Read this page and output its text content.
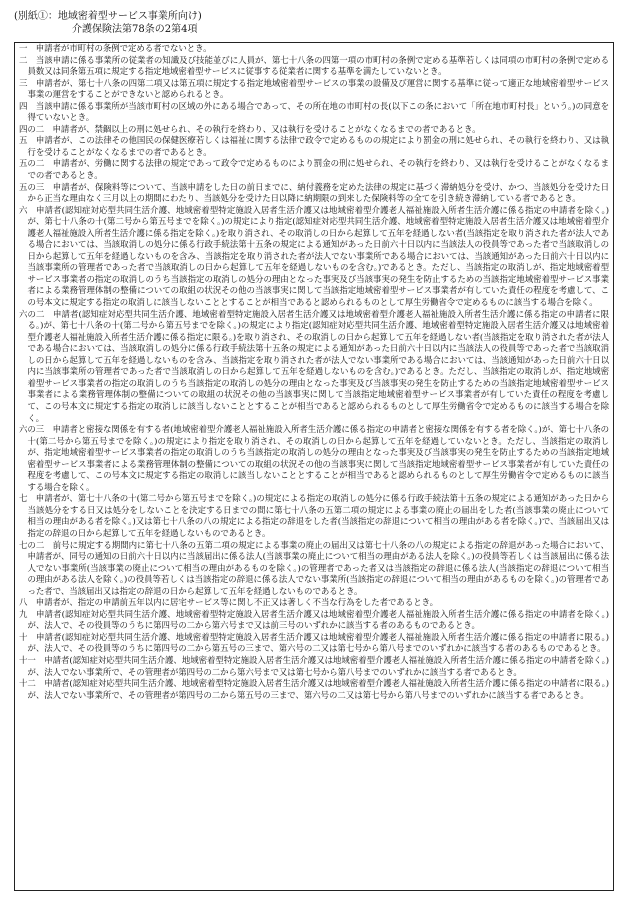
(別紙①：地域密着型サービス事業所向け)
介護保険法第78条の2第4項

一　申請者が市町村の条例で定める者でないとき。

二　当該申請に係る事業所の従業者の知識及び技能並びに人員が、第七十八条の四第一項の市町村の条例で定める基準若しくは同項の市町村の条例で定める員数又は同条第五項に規定する指定地域密着型サービスに従事する従業者に関する基準を満たしていないとき。

三　申請者が、第七十八条の四第二項又は第五項に規定する指定地域密着型サービスの事業の設備及び運営に関する基準に従って適正な地域密着型サービス事業の運営をすることができないと認められるとき。

四　当該申請に係る事業所が当該市町村の区域の外にある場合であって、その所在地の市町村の長(以下この条において「所在地市町村長」という。)の同意を得ていないとき。

四の二　申請者が、禁錮以上の刑に処せられ、その執行を終わり、又は執行を受けることがなくなるまでの者であるとき。

五　申請者が、この法律その他国民の保健医療若しくは福祉に関する法律で政令で定めるものの規定により罰金の刑に処せられ、その執行を終わり、又は執行を受けることがなくなるまでの者であるとき。

五の二　申請者が、労働に関する法律の規定であって政令で定めるものにより罰金の刑に処せられ、その執行を終わり、又は執行を受けることがなくなるまでの者であるとき。

五の三　申請者が、保険料等について、当該申請をした日の前日までに、納付義務を定めた法律の規定に基づく滞納処分を受け、かつ、当該処分を受けた日から正当な理由なく三月以上の期間にわたり、当該処分を受けた日以降に納期限の到来した保険料等の全てを引き続き滞納している者であるとき。

六　申請者(認知症対応型共同生活介護、地域密着型特定施設入居者生活介護又は地域密着型介護老人福祉施設入所者生活介護に係る指定の申請者を除く。)が、第七十八条の十(第二号から第五号までを除く。)の規定により指定(認知症対応型共同生活介護、地域密着型特定施設入居者生活介護又は地域密着型介護老人福祉施設入所者生活介護に係る指定を除く。)を取り消され、その取消しの日から起算して五年を経過しない者(当該指定を取り消された者が法人である場合においては、当該取消しの処分に係る行政手続法第十五条の規定による通知があった日前六十日以内に当該法人の役員等であった者で当該取消しの日から起算して五年を経過しないものを含み、当該指定を取り消された者が法人でない事業所である場合においては、当該通知があった日前六十日以内に当該事業所の管理者であった者で当該取消しの日から起算して五年を経過しないものを含む。)であるとき。ただし、当該指定の取消しが、指定地域密着型サービス事業者の指定の取消しのうち当該指定の取消しの処分の理由となった事実及び当該事実の発生を防止するための当該指定地域密着型サービス事業者による業務管理体制の整備についての取組の状況その他の当該事実に関して当該指定地域密着型サービス事業者が有していた責任の程度を考慮して、この号本文に規定する指定の取消しに該当しないこととすることが相当であると認められるものとして厚生労働省令で定めるものに該当する場合を除く。

六の二　申請者(認知症対応型共同生活介護、地域密着型特定施設入居者生活介護又は地域密着型介護老人福祉施設入所者生活介護に係る指定の申請者に限る。)が、第七十八条の十(第二号から第五号までを除く。)の規定により指定(認知症対応型共同生活介護、地域密着型特定施設入居者生活介護又は地域密着型介護老人福祉施設入所者生活介護に係る指定に限る。)を取り消され、その取消しの日から起算して五年を経過しない者(当該指定を取り消された者が法人である場合においては、当該取消しの処分に係る行政手続法第十五条の規定による通知があった日前六十日以内に当該法人の役員等であった者で当該取消しの日から起算して五年を経過しないものを含み、当該指定を取り消された者が法人でない事業所である場合においては、当該通知があった日前六十日以内に当該事業所の管理者であった者で当該取消しの日から起算して五年を経過しないものを含む。)であるとき。ただし、当該指定の取消しが、指定地域密着型サービス事業者の指定の取消しのうち当該指定の取消しの処分の理由となった事実及び当該事実の発生を防止するための当該指定地域密着型サービス事業者による業務管理体制の整備についての取組の状況その他の当該事実に関して当該指定地域密着型サービス事業者が有していた責任の程度を考慮して、この号本文に規定する指定の取消しに該当しないこととすることが相当であると認められるものとして厚生労働省令で定めるものに該当する場合を除く。

六の三　申請者と密接な関係を有する者(地域密着型介護老人福祉施設入所者生活介護に係る指定の申請者と密接な関係を有する者を除く。)が、第七十八条の十(第二号から第五号までを除く。)の規定により指定を取り消され、その取消しの日から起算して五年を経過していないとき。ただし、当該指定の取消しが、指定地域密着型サービス事業者の指定の取消しのうち当該指定の取消しの処分の理由となった事実及び当該事実の発生を防止するための当該指定地域密着型サービス事業者による業務管理体制の整備についての取組の状況その他の当該事実に関して当該指定地域密着型サービス事業者が有していた責任の程度を考慮して、この号本文に規定する指定の取消しに該当しないこととすることが相当であると認められるものとして厚生労働省令で定めるものに該当する場合を除く。

七　申請者が、第七十八条の十(第二号から第五号までを除く。)の規定による指定の取消しの処分に係る行政手続法第十五条の規定による通知があった日から当該処分をする日又は処分をしないことを決定する日までの間に第七十八条の五第二項の規定による事業の廃止の届出をした者(当該事業の廃止について相当の理由がある者を除く。)又は第七十八条の八の規定による指定の辞退をした者(当該指定の辞退について相当の理由がある者を除く。)で、当該届出又は指定の辞退の日から起算して五年を経過しないものであるとき。

七の二　前号に規定する期間内に第七十八条の五第二項の規定による事業の廃止の届出又は第七十八条の八の規定による指定の辞退があった場合において、申請者が、同号の通知の日前六十日以内に当該届出に係る法人(当該事業の廃止について相当の理由がある法人を除く。)の役員等若しくは当該届出に係る法人でない事業所(当該事業の廃止について相当の理由があるものを除く。)の管理者であった者又は当該指定の辞退に係る法人(当該指定の辞退について相当の理由がある法人を除く。)の役員等若しくは当該指定の辞退に係る法人でない事業所(当該指定の辞退について相当の理由があるものを除く。)の管理者であった者で、当該届出又は指定の辞退の日から起算して五年を経過しないものであるとき。

八　申請者が、指定の申請前五年以内に居宅サービス等に関し不正又は著しく不当な行為をした者であるとき。

九　申請者(認知症対応型共同生活介護、地域密着型特定施設入居者生活介護又は地域密着型介護老人福祉施設入所者生活介護に係る指定の申請者を除く。)が、法人で、その役員等のうちに第四号の二から第六号まで又は前三号のいずれかに該当する者のあるものであるとき。

十　申請者(認知症対応型共同生活介護、地域密着型特定施設入居者生活介護又は地域密着型介護老人福祉施設入所者生活介護に係る指定の申請者に限る。)が、法人で、その役員等のうちに第四号の二から第五号の三まで、第六号の二又は第七号から第八号までのいずれかに該当する者のあるものであるとき。

十一　申請者(認知症対応型共同生活介護、地域密着型特定施設入居者生活介護又は地域密着型介護老人福祉施設入所者生活介護に係る指定の申請者を除く。)が、法人でない事業所で、その管理者が第四号の二から第六号まで又は第七号から第八号までのいずれかに該当する者であるとき。

十二　申請者(認知症対応型共同生活介護、地域密着型特定施設入居者生活介護又は地域密着型介護老人福祉施設入所者生活介護に係る指定の申請者に限る。)が、法人でない事業所で、その管理者が第四号の二から第五号の三まで、第六号の二又は第七号から第八号までのいずれかに該当する者であるとき。
